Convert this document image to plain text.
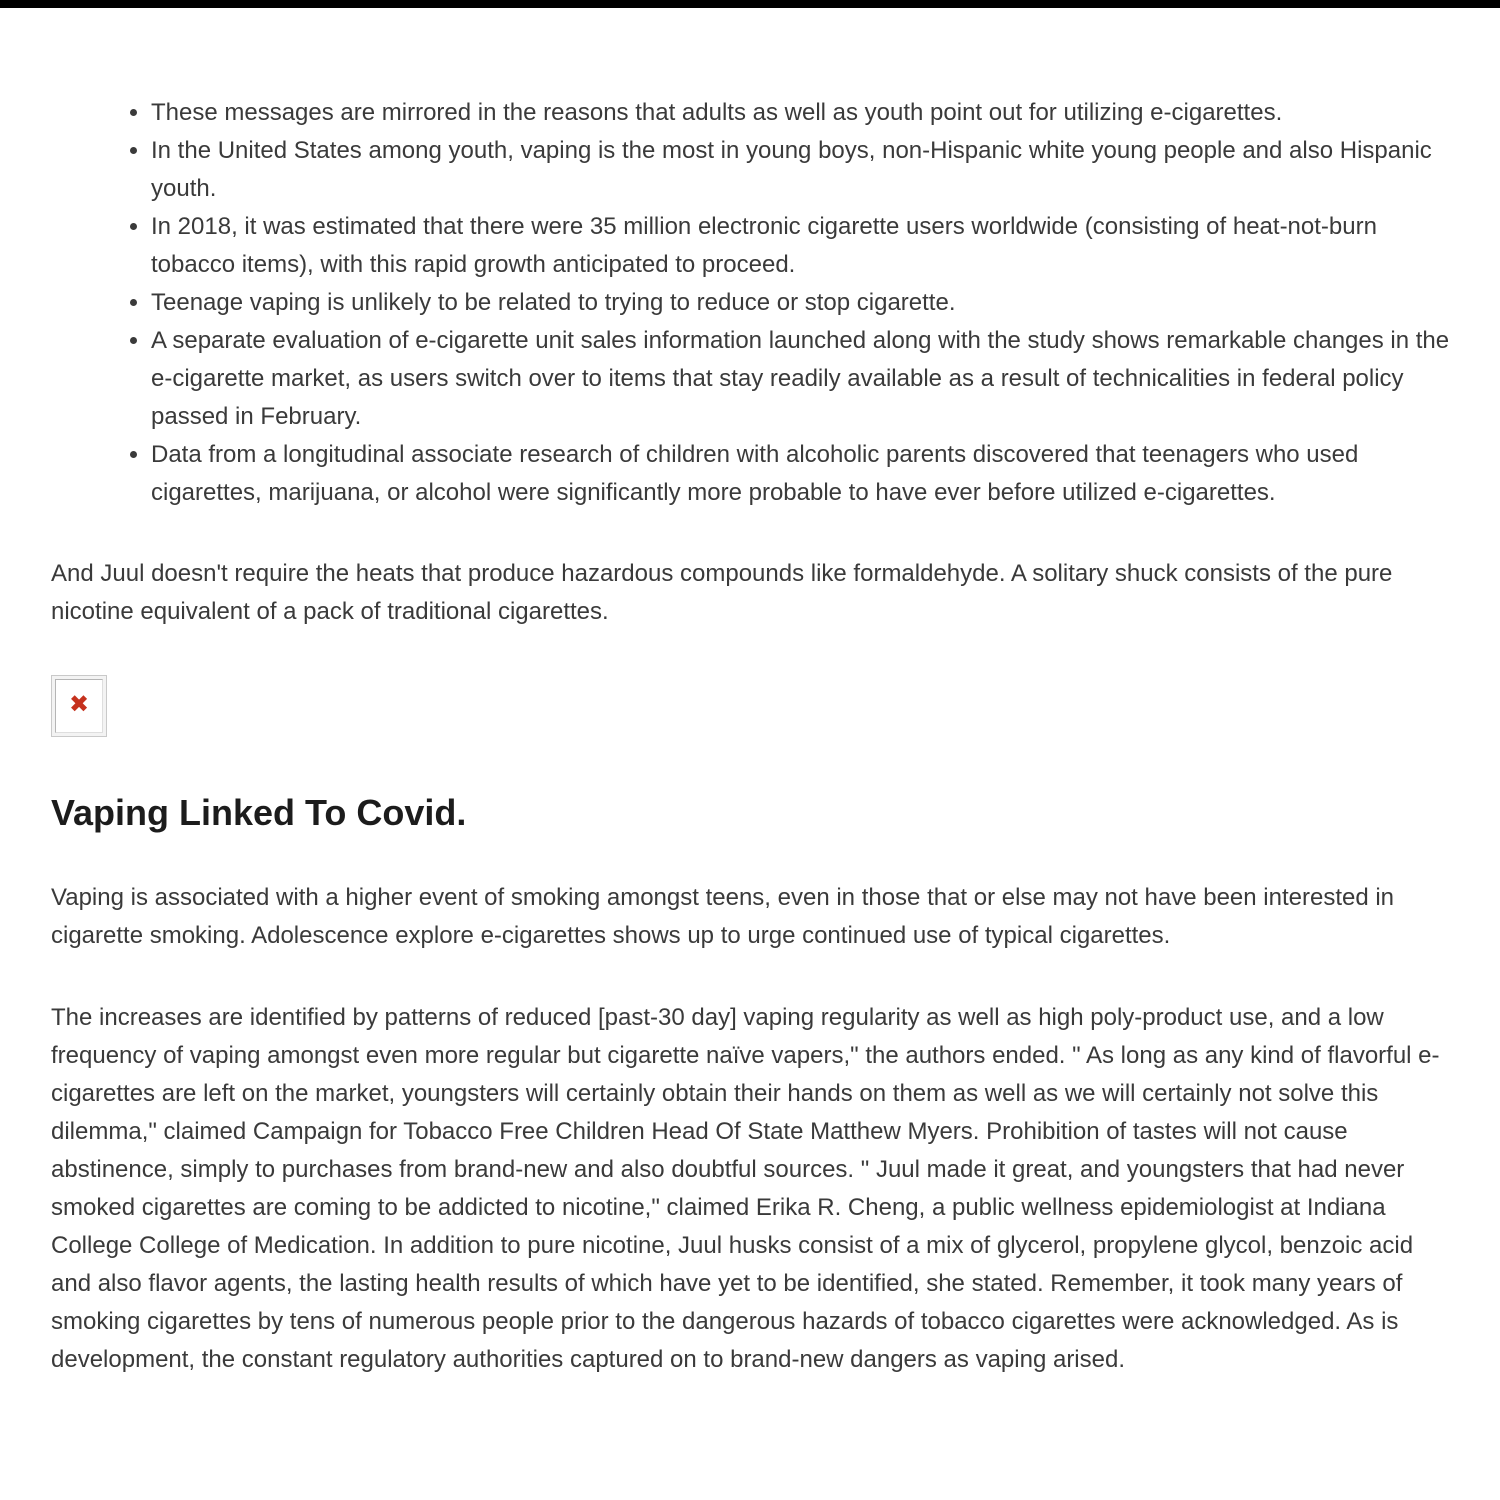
• These messages are mirrored in the reasons that adults as well as youth point out for utilizing e-cigarettes.
• In the United States among youth, vaping is the most in young boys, non-Hispanic white young people and also Hispanic youth.
• In 2018, it was estimated that there were 35 million electronic cigarette users worldwide (consisting of heat-not-burn tobacco items), with this rapid growth anticipated to proceed.
• Teenage vaping is unlikely to be related to trying to reduce or stop cigarette.
• A separate evaluation of e-cigarette unit sales information launched along with the study shows remarkable changes in the e-cigarette market, as users switch over to items that stay readily available as a result of technicalities in federal policy passed in February.
• Data from a longitudinal associate research of children with alcoholic parents discovered that teenagers who used cigarettes, marijuana, or alcohol were significantly more probable to have ever before utilized e-cigarettes.

And Juul doesn't require the heats that produce hazardous compounds like formaldehyde. A solitary shuck consists of the pure nicotine equivalent of a pack of traditional cigarettes.

✖
Vaping Linked To Covid.

Vaping is associated with a higher event of smoking amongst teens, even in those that or else may not have been interested in cigarette smoking. Adolescence explore e-cigarettes shows up to urge continued use of typical cigarettes.

The increases are identified by patterns of reduced [past-30 day] vaping regularity as well as high poly-product use, and a low frequency of vaping amongst even more regular but cigarette naïve vapers," the authors ended. " As long as any kind of flavorful e-cigarettes are left on the market, youngsters will certainly obtain their hands on them as well as we will certainly not solve this dilemma," claimed Campaign for Tobacco Free Children Head Of State Matthew Myers. Prohibition of tastes will not cause abstinence, simply to purchases from brand-new and also doubtful sources. " Juul made it great, and youngsters that had never smoked cigarettes are coming to be addicted to nicotine," claimed Erika R. Cheng, a public wellness epidemiologist at Indiana College College of Medication. In addition to pure nicotine, Juul husks consist of a mix of glycerol, propylene glycol, benzoic acid and also flavor agents, the lasting health results of which have yet to be identified, she stated. Remember, it took many years of smoking cigarettes by tens of numerous people prior to the dangerous hazards of tobacco cigarettes were acknowledged. As is development, the constant regulatory authorities captured on to brand-new dangers as vaping arised.
